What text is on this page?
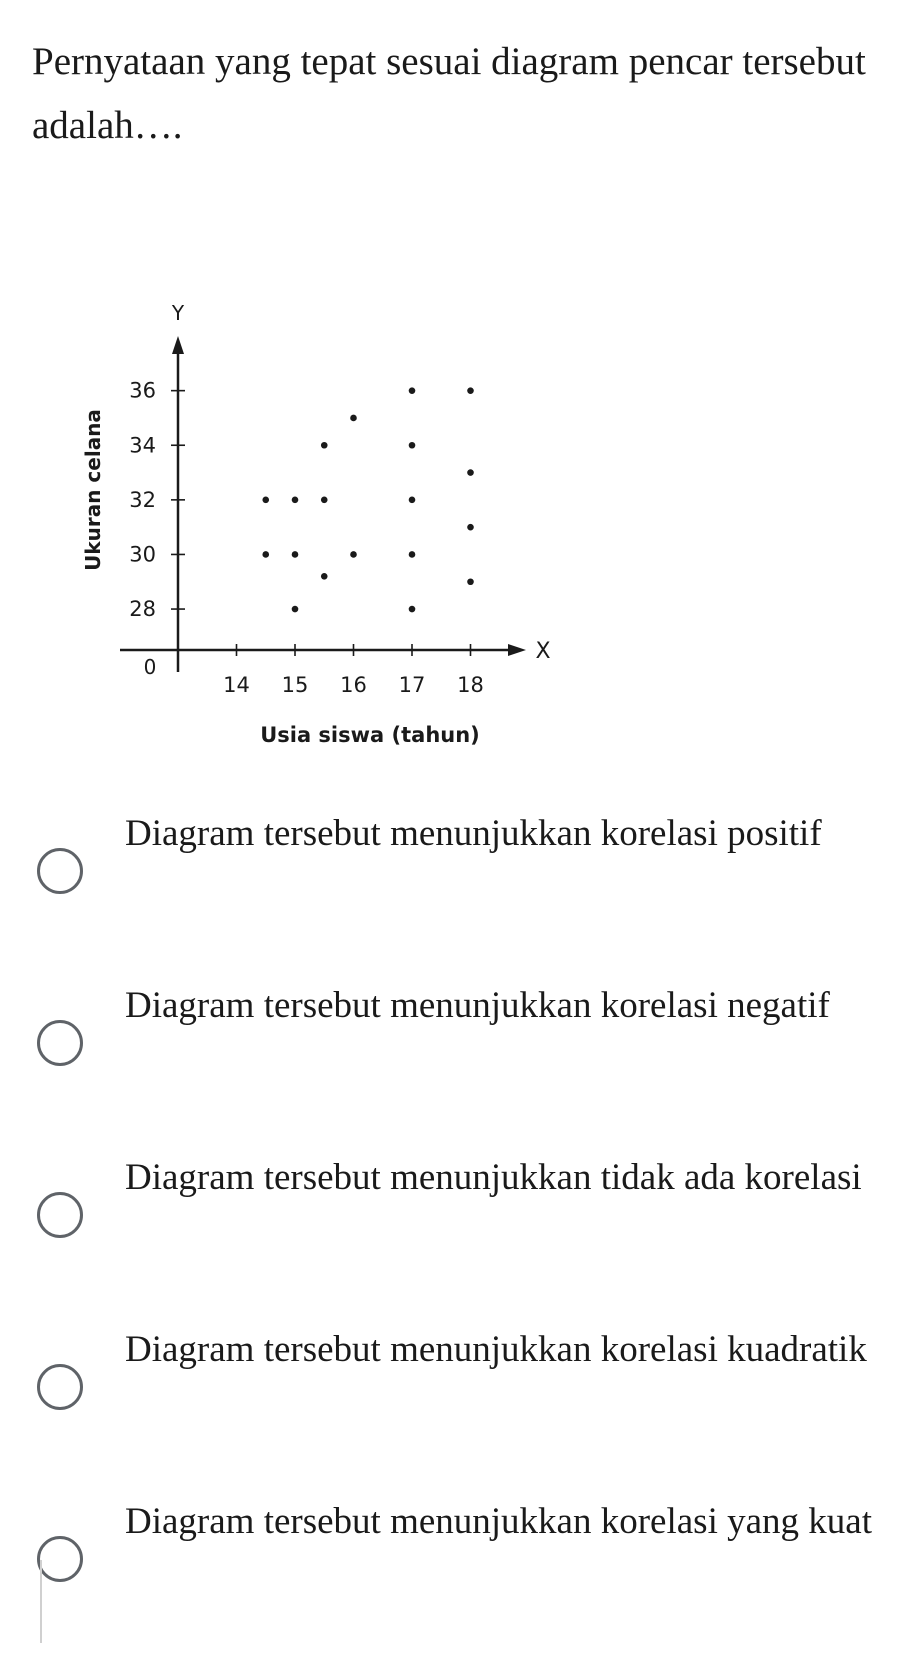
Pernyataan yang tepat sesuai diagram pencar tersebut adalah….

14 15 16 17 18
28
30
32
34
36
0
X
Y
Usia siswa (tahun)
Ukuran celana
Diagram tersebut menunjukkan korelasi positif
Diagram tersebut menunjukkan korelasi negatif
Diagram tersebut menunjukkan tidak ada korelasi
Diagram tersebut menunjukkan korelasi kuadratik
Diagram tersebut menunjukkan korelasi yang kuat
